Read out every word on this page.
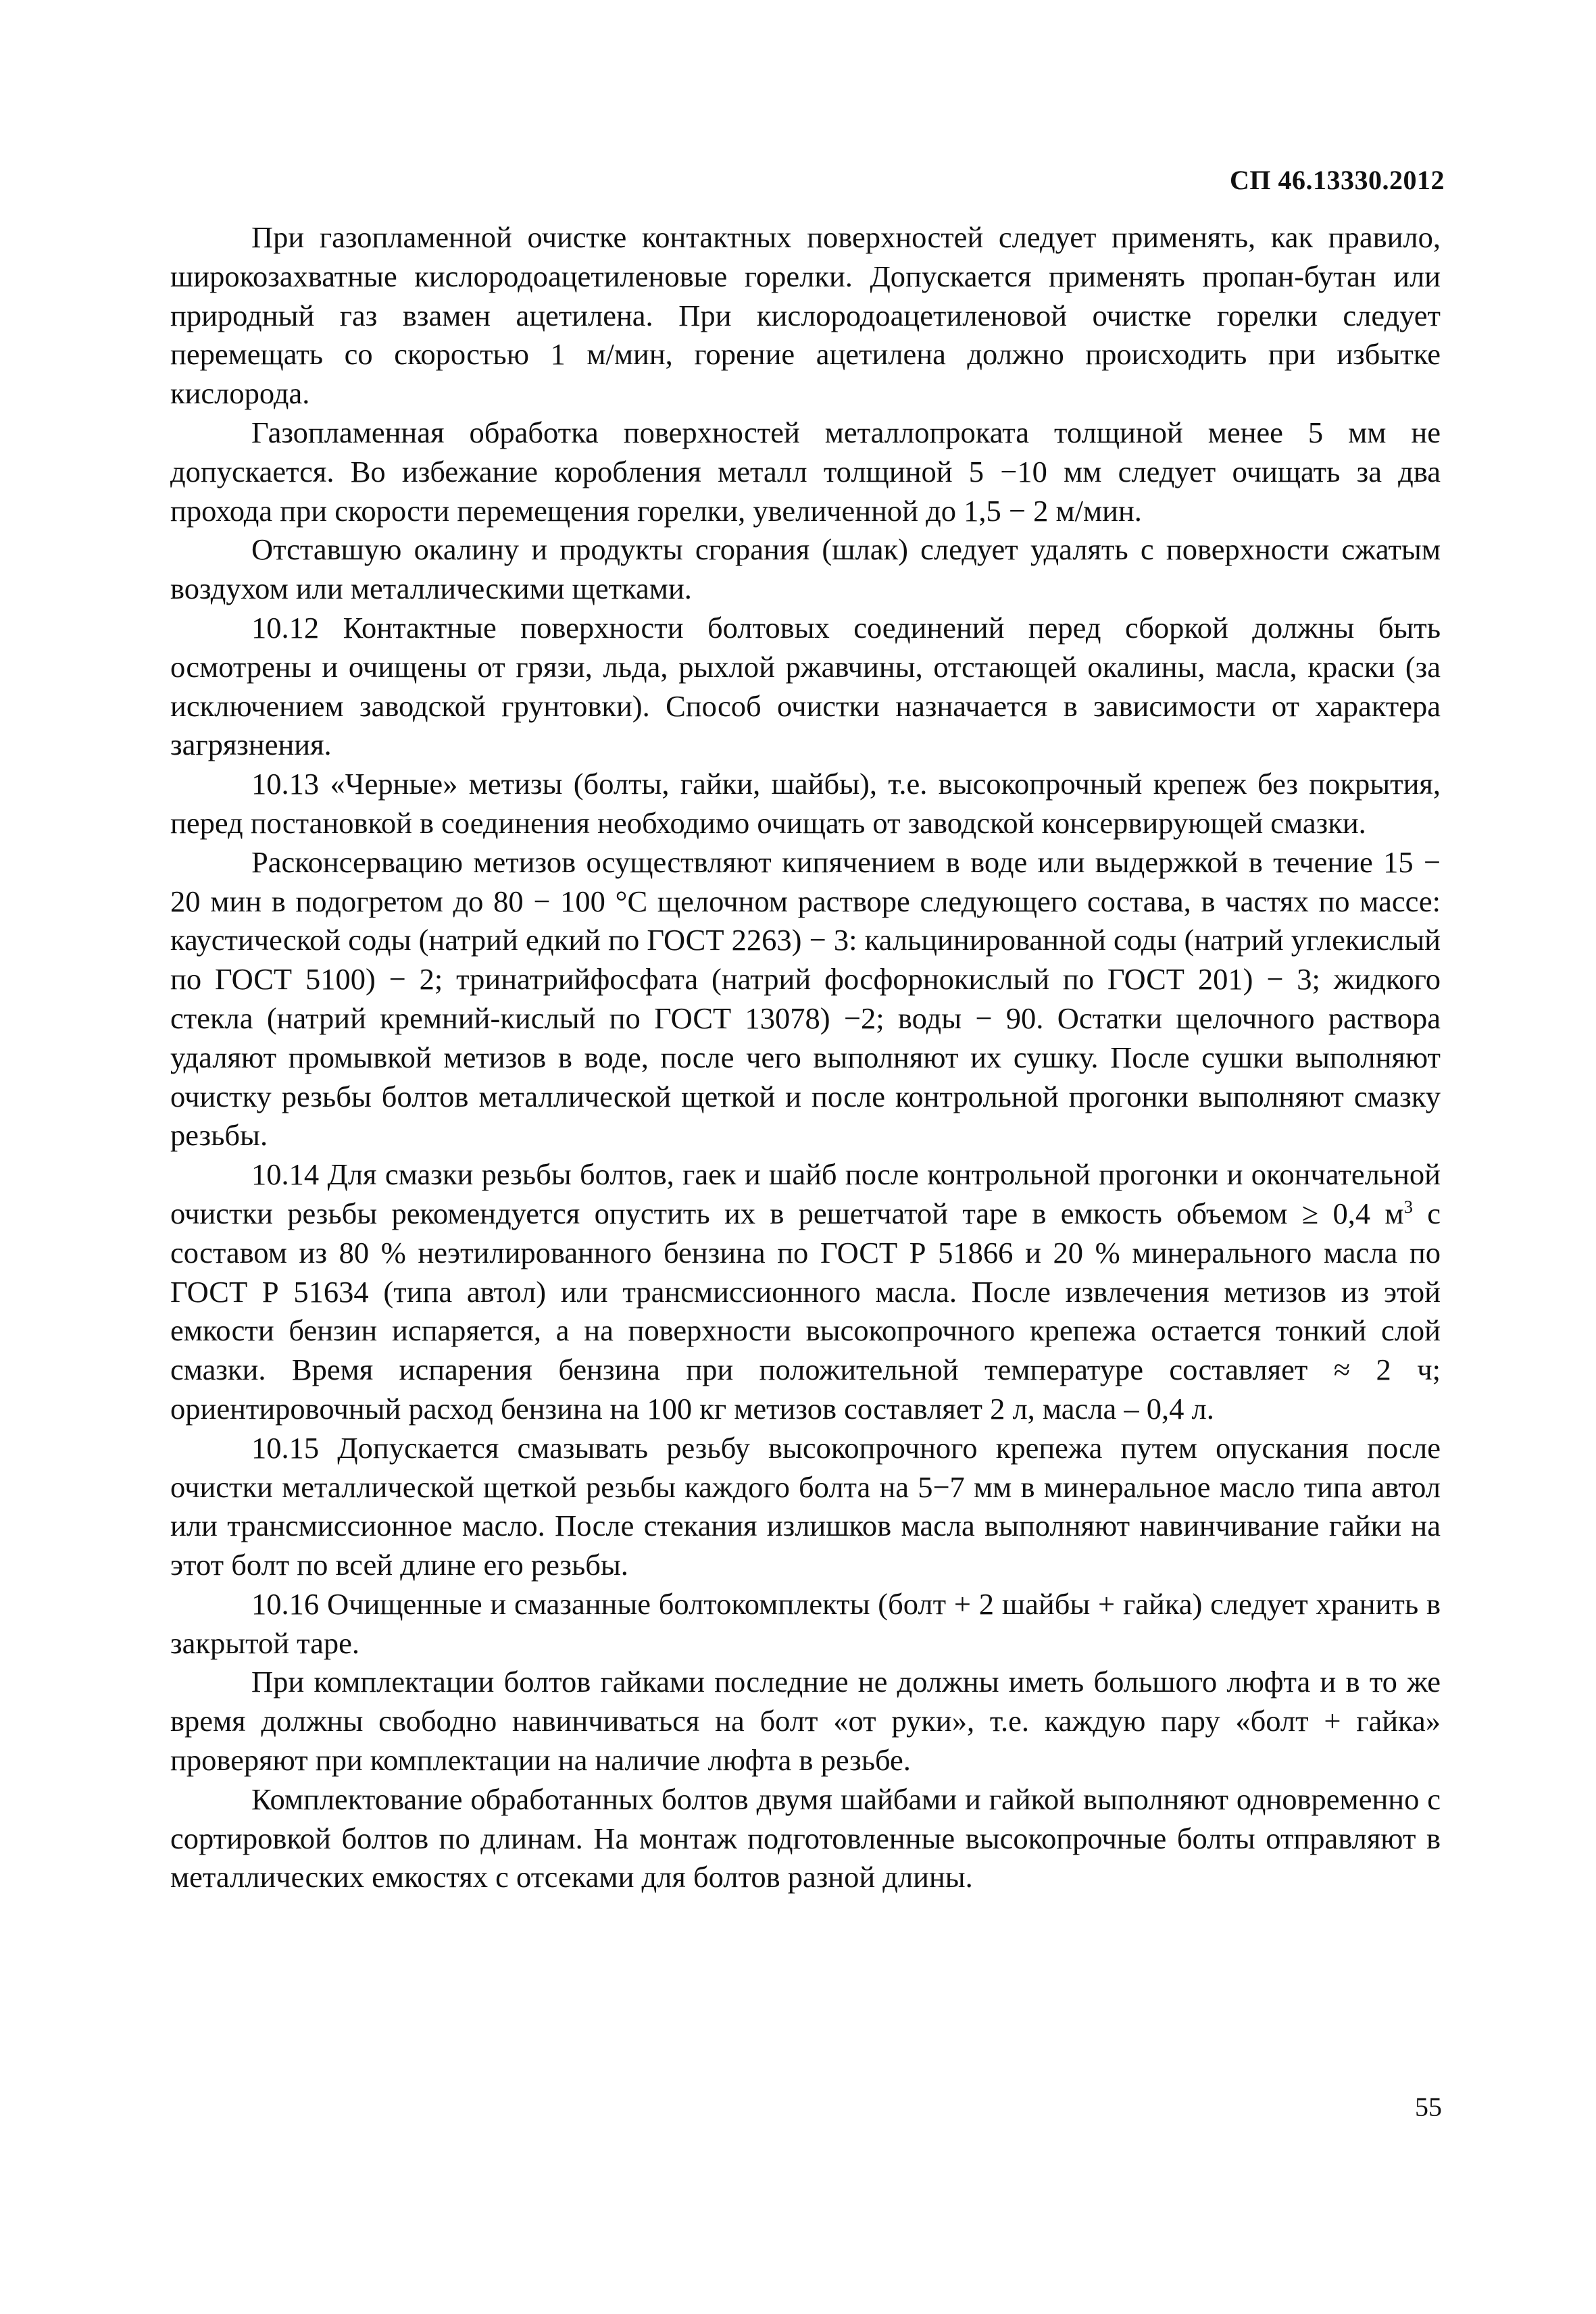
СП 46.13330.2012

При газопламенной очистке контактных поверхностей следует применять, как правило, широкозахватные кислородоацетиленовые горелки. Допускается применять пропан-бутан или природный газ взамен ацетилена. При кислородоацетиленовой очистке горелки следует перемещать со скоростью 1 м/мин, горение ацетилена должно происходить при избытке кислорода.

Газопламенная обработка поверхностей металлопроката толщиной менее 5 мм не допускается. Во избежание коробления металл толщиной 5 −10 мм следует очищать за два прохода при скорости перемещения горелки, увеличенной до 1,5 − 2 м/мин.

Отставшую окалину и продукты сгорания (шлак) следует удалять с поверхности сжатым воздухом или металлическими щетками.

10.12 Контактные поверхности болтовых соединений перед сборкой должны быть осмотрены и очищены от грязи, льда, рыхлой ржавчины, отстающей окалины, масла, краски (за исключением заводской грунтовки). Способ очистки назначается в зависимости от характера загрязнения.

10.13 «Черные» метизы (болты, гайки, шайбы), т.е. высокопрочный крепеж без покрытия, перед постановкой в соединения необходимо очищать от заводской консервирующей смазки.

Расконсервацию метизов осуществляют кипячением в воде или выдержкой в течение 15 − 20 мин в подогретом до 80 − 100 °С щелочном растворе следующего состава, в частях по массе: каустической соды (натрий едкий по ГОСТ 2263) − 3: кальцинированной соды (натрий углекислый по ГОСТ 5100) − 2; тринатрийфосфата (натрий фосфорнокислый по ГОСТ 201) − 3; жидкого стекла (натрий кремний-кислый по ГОСТ 13078) −2; воды − 90. Остатки щелочного раствора удаляют промывкой метизов в воде, после чего выполняют их сушку. После сушки выполняют очистку резьбы болтов металлической щеткой и после контрольной прогонки выполняют смазку резьбы.

10.14 Для смазки резьбы болтов, гаек и шайб после контрольной прогонки и окончательной очистки резьбы рекомендуется опустить их в решетчатой таре в емкость объемом ≥ 0,4 $м^3$ с составом из 80 % неэтилированного бензина по ГОСТ Р 51866 и 20 % минерального масла по ГОСТ Р 51634 (типа автол) или трансмиссионного масла. После извлечения метизов из этой емкости бензин испаряется, а на поверхности высокопрочного крепежа остается тонкий слой смазки. Время испарения бензина при положительной температуре составляет ≈ 2 ч; ориентировочный расход бензина на 100 кг метизов составляет 2 л, масла – 0,4 л.

10.15 Допускается смазывать резьбу высокопрочного крепежа путем опускания после очистки металлической щеткой резьбы каждого болта на 5−7 мм в минеральное масло типа автол или трансмиссионное масло. После стекания излишков масла выполняют навинчивание гайки на этот болт по всей длине его резьбы.

10.16 Очищенные и смазанные болтокомплекты (болт + 2 шайбы + гайка) следует хранить в закрытой таре.

При комплектации болтов гайками последние не должны иметь большого люфта и в то же время должны свободно навинчиваться на болт «от руки», т.е. каждую пару «болт + гайка» проверяют при комплектации на наличие люфта в резьбе.

Комплектование обработанных болтов двумя шайбами и гайкой выполняют одновременно с сортировкой болтов по длинам. На монтаж подготовленные высокопрочные болты отправляют в металлических емкостях с отсеками для болтов разной длины.

55
